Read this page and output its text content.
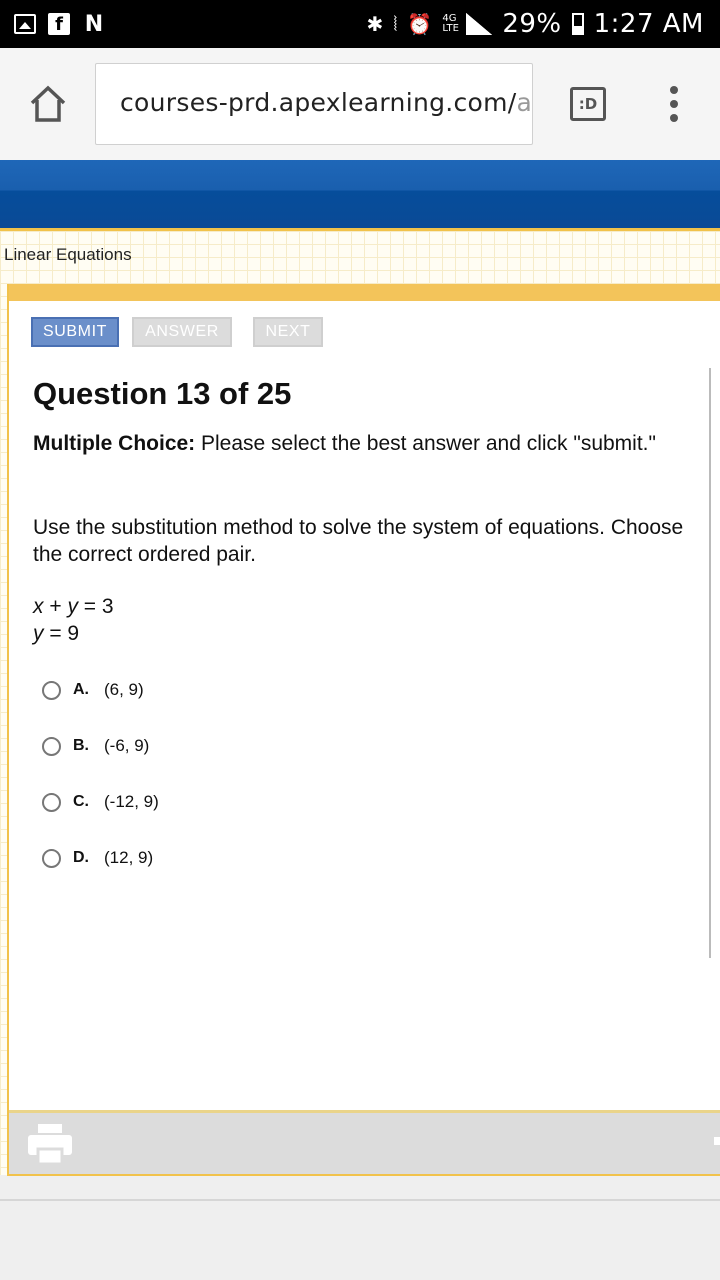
f N	✱ ⦚ ⏰ 4G LTE 29% 1:27 AM
courses-prd.apexlearning.com/a	:D
Linear Equations
SUBMIT	ANSWER	NEXT
Question 13 of 25
Multiple Choice: Please select the best answer and click "submit."
Use the substitution method to solve the system of equations. Choose the correct ordered pair.
x + y = 3
y = 9
A. (6, 9)
B. (-6, 9)
C. (-12, 9)
D. (12, 9)
